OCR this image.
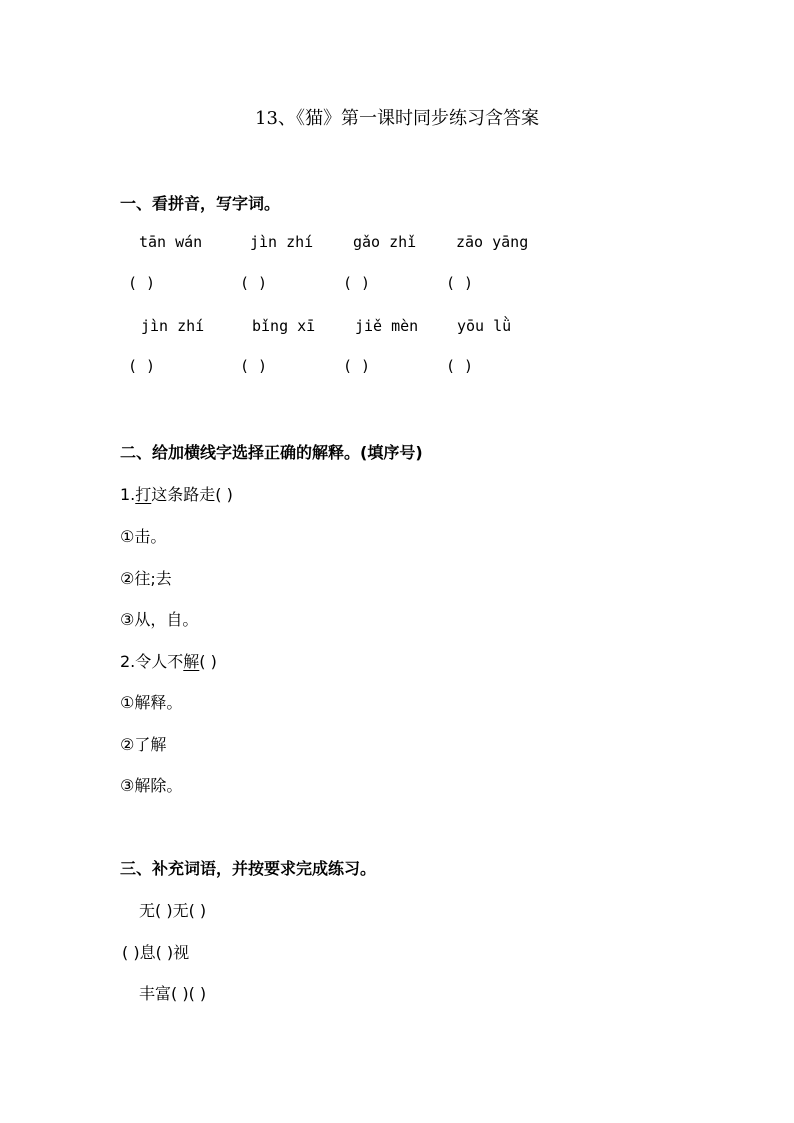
13、《猫》第一课时同步练习含答案
一、看拼音，写字词。
tān wán	jìn zhí	gǎo zhǐ	zāo yāng
( )	( )	( )	( )
jìn zhí	bǐng xī	jiě mèn	yōu lǜ
( )	( )	( )	( )
二、给加横线字选择正确的解释。(填序号)
1.打这条路走( )
①击。
②往;去
③从，自。
2.令人不解( )
①解释。
②了解
③解除。
三、补充词语，并按要求完成练习。
无( )无( )
( )息( )视
丰富( )( )
